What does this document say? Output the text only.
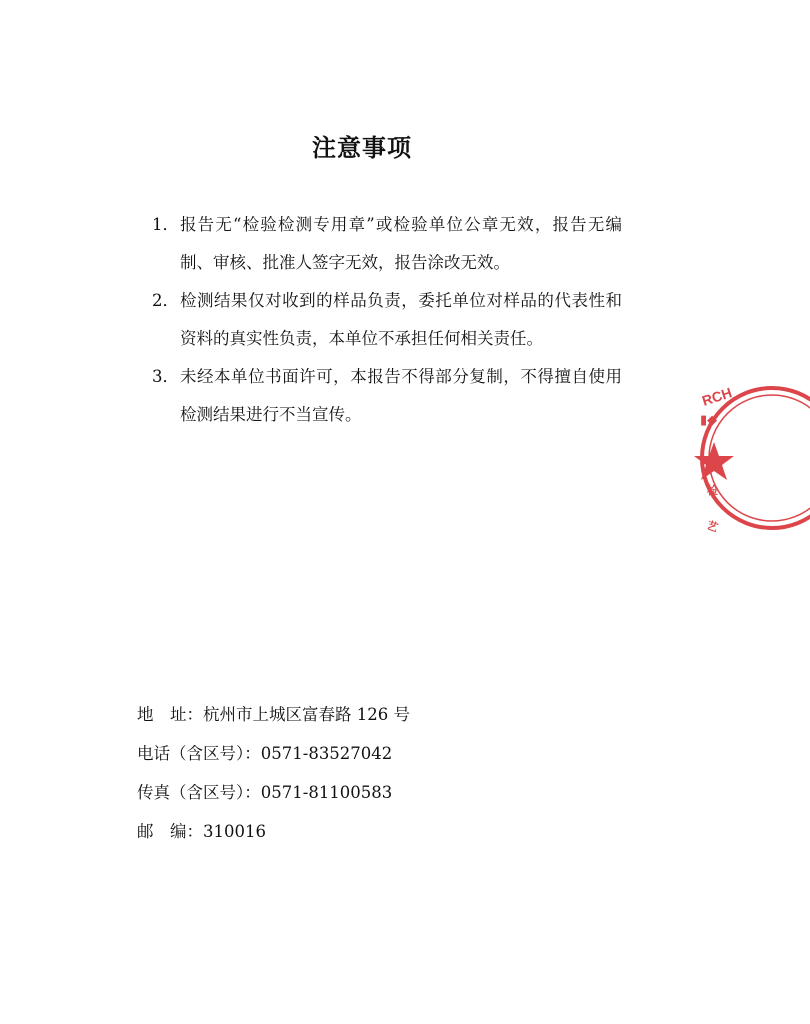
注意事项
1． 报告无“检验检测专用章”或检验单位公章无效，报告无编制、审核、批准人签字无效，报告涂改无效。
2． 检测结果仅对收到的样品负责，委托单位对样品的代表性和资料的真实性负责，本单位不承担任何相关责任。
3． 未经本单位书面许可，本报告不得部分复制，不得擅自使用检测结果进行不当宣传。
地　址： 杭州市上城区富春路 126 号
电话（含区号）： 0571-83527042
传真（含区号）： 0571-81100583
邮　编： 310016
RCH
▮◆
检
艺
